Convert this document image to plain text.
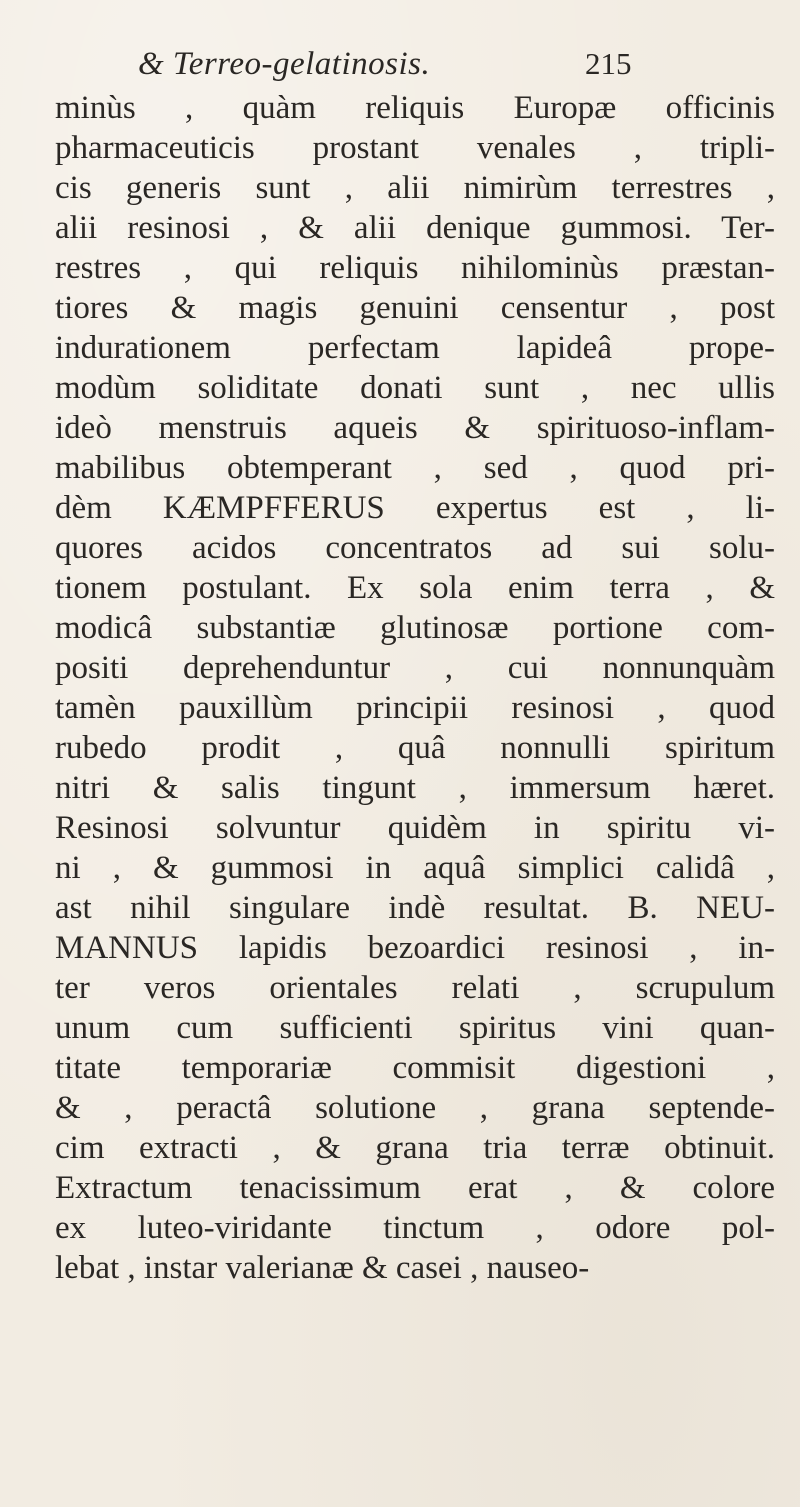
& Terreo-gelatinosis.	215
minùs , quàm reliquis Europæ officinis
pharmaceuticis prostant venales , tripli-
cis generis sunt , alii nimirùm terrestres ,
alii resinosi , & alii denique gummosi. Ter-
restres , qui reliquis nihilominùs præstan-
tiores & magis genuini censentur , post
indurationem perfectam lapideâ prope-
modùm soliditate donati sunt , nec ullis
ideò menstruis aqueis & spirituoso-inflam-
mabilibus obtemperant , sed , quod pri-
dèm KÆMPFFERUS expertus est , li-
quores acidos concentratos ad sui solu-
tionem postulant. Ex sola enim terra , &
modicâ substantiæ glutinosæ portione com-
positi deprehenduntur , cui nonnunquàm
tamèn pauxillùm principii resinosi , quod
rubedo prodit , quâ nonnulli spiritum
nitri & salis tingunt , immersum hæret.
Resinosi solvuntur quidèm in spiritu vi-
ni , & gummosi in aquâ simplici calidâ ,
ast nihil singulare indè resultat. B. NEU-
MANNUS lapidis bezoardici resinosi , in-
ter veros orientales relati , scrupulum
unum cum sufficienti spiritus vini quan-
titate temporariæ commisit digestioni ,
& , peractâ solutione , grana septende-
cim extracti , & grana tria terræ obtinuit.
Extractum tenacissimum erat , & colore
ex luteo-viridante tinctum , odore pol-
lebat , instar valerianæ & casei , nauseo-
